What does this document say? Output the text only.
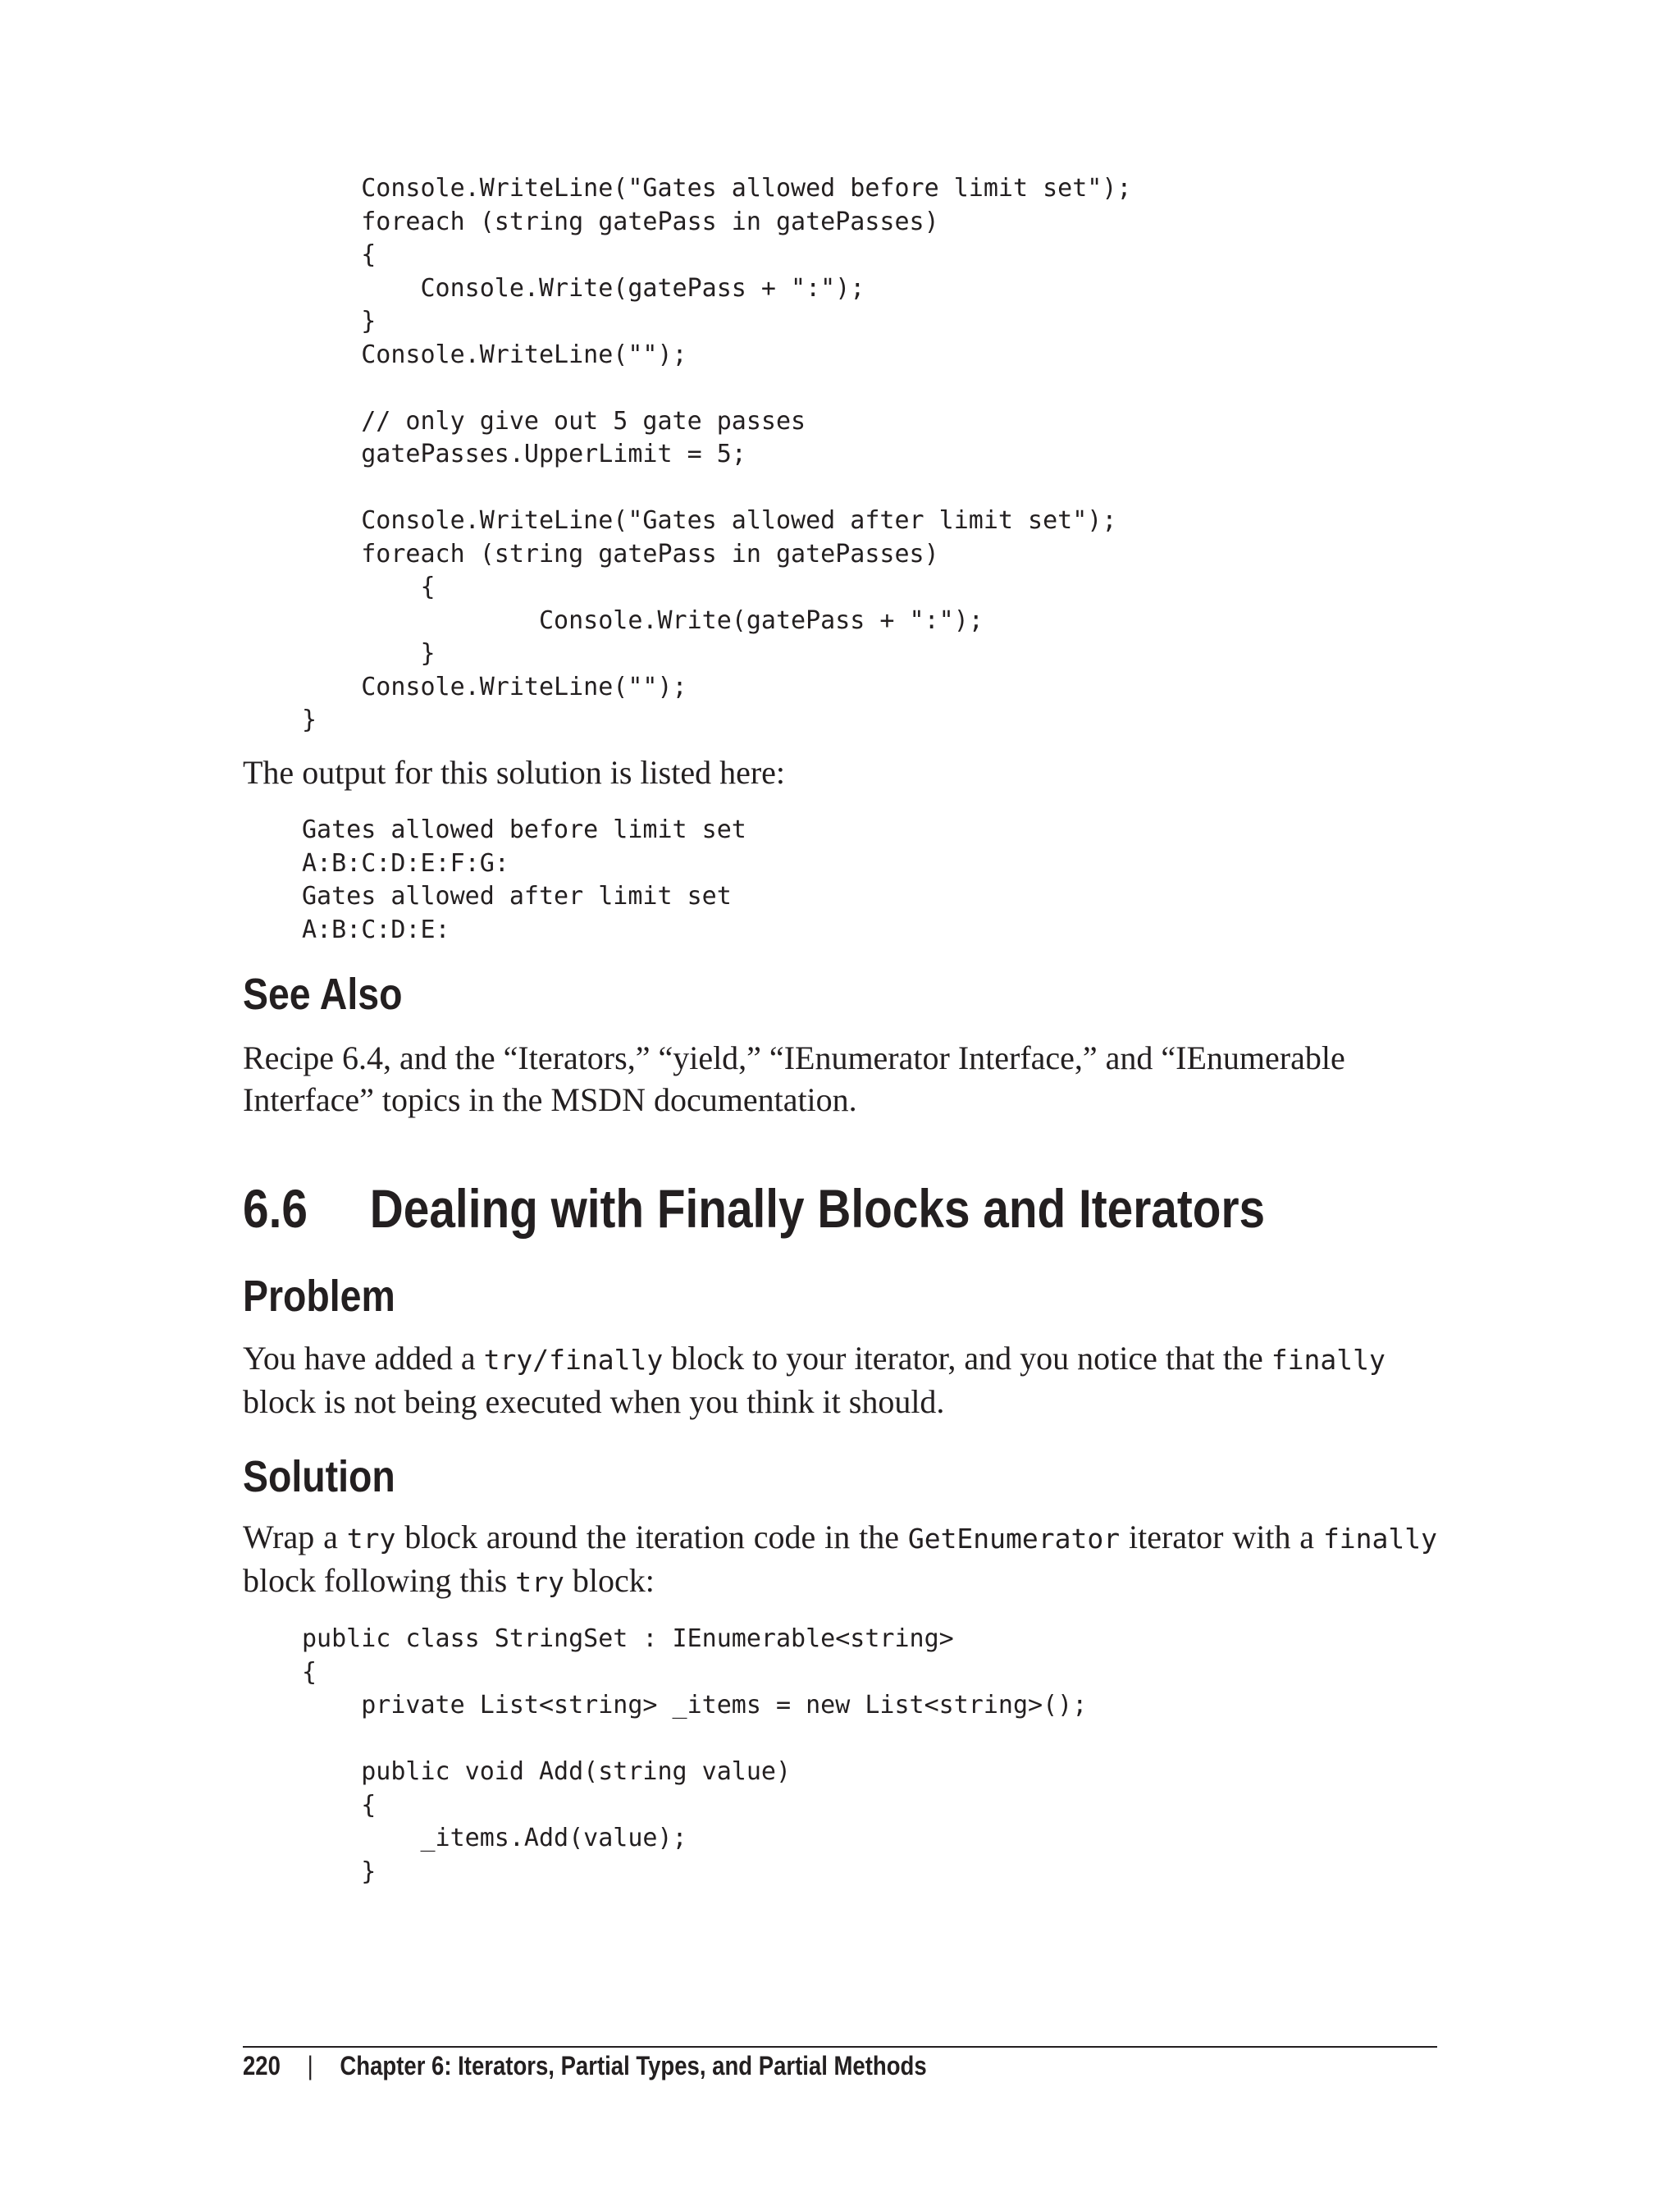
Console.WriteLine("Gates allowed before limit set");
foreach (string gatePass in gatePasses)
{
Console.Write(gatePass + ":");
}
Console.WriteLine("");

// only give out 5 gate passes
gatePasses.UpperLimit = 5;

Console.WriteLine("Gates allowed after limit set");
foreach (string gatePass in gatePasses)
{
Console.Write(gatePass + ":");
}
Console.WriteLine("");
}

The output for this solution is listed here:

Gates allowed before limit set
A:B:C:D:E:F:G:
Gates allowed after limit set
A:B:C:D:E:
See Also

Recipe 6.4, and the “Iterators,” “yield,” “IEnumerator Interface,” and “IEnumerable Interface” topics in the MSDN documentation.

6.6 Dealing with Finally Blocks and Iterators
Problem

You have added a try/finally block to your iterator, and you notice that the finally block is not being executed when you think it should.

Solution

Wrap a try block around the iteration code in the GetEnumerator iterator with a finally block following this try block:

public class StringSet : IEnumerable<string>
{
private List<string> _items = new List<string>();

public void Add(string value)
{
_items.Add(value);
}
220 | Chapter 6: Iterators, Partial Types, and Partial Methods
